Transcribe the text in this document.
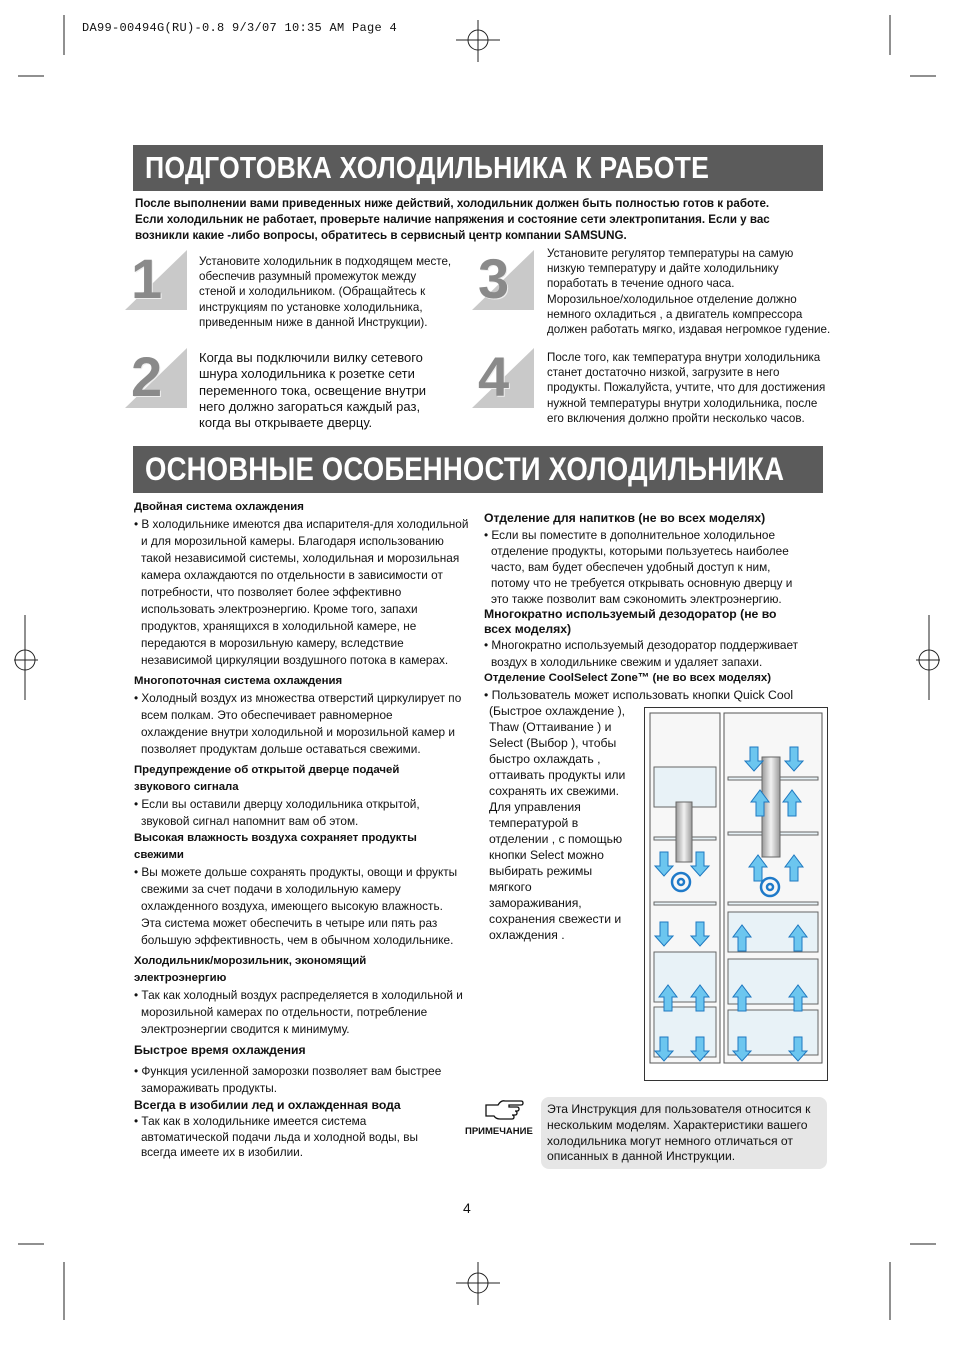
DA99-00494G(RU)-0.8 9/3/07 10:35 AM Page 4
ПОДГОТОВКА ХОЛОДИЛЬНИКА К РАБОТЕ
После выполнении вами приведенных ниже действий, холодильник должен быть полностью готов к работе.
Если холодильник не работает, проверьте наличие напряжения и состояние сети электропитания. Если у вас
возникли какие -либо вопросы, обратитесь в сервисный центр компании SAMSUNG.
1	Установите холодильник в подходящем месте,
обеспечив разумный промежуток между
стеной и холодильником. (Обращайтесь к
инструкциям по установке холодильника,
приведенным ниже в данной Инструкции).
2	Когда вы подключили вилку сетевого
шнура холодильника к розетке сети
переменного тока, освещение внутри
него должно загораться каждый раз,
когда вы открываете дверцу.
3	Установите регулятор температуры на самую
низкую температуру и дайте холодильнику
поработать в течение одного часа.
Морозильное/холодильное отделение должно
немного охладиться , а двигатель компрессора
должен работать мягко, издавая негромкое гудение.
4	После того, как температура внутри холодильника
станет достаточно низкой, загрузите в него
продукты. Пожалуйста, учтите, что для достижения
нужной температуры внутри холодильника, после
его включения должно пройти несколько часов.
ОСНОВНЫЕ ОСОБЕННОСТИ ХОЛОДИЛЬНИКА
Двойная система охлаждения
• В холодильнике имеются два испарителя-для холодильной
и для морозильной камеры. Благодаря использованию
такой независимой системы, холодильная и морозильная
камера охлаждаются по отдельности в зависимости от
потребности, что позволяет более эффективно
использовать электроэнергию. Кроме того, запахи
продуктов, хранящихся в холодильной камере, не
передаются в морозильную камеру, вследствие
независимой циркуляции воздушного потока в камерах.
Многопоточная система охлаждения
• Холодный воздух из множества отверстий циркулирует по
всем полкам. Это обеспечивает равномерное
охлаждение внутри холодильной и морозильной камер и
позволяет продуктам дольше оставаться свежими.
Предупреждение об открытой дверце подачей
звукового сигнала
• Если вы оставили дверцу холодильника открытой,
звуковой сигнал напомнит вам об этом.
Высокая влажность воздуха сохраняет продукты
свежими
• Вы можете дольше сохранять продукты, овощи и фрукты
свежими за счет подачи в холодильную камеру
охлажденного воздуха, имеющего высокую влажность.
Эта система может обеспечить в четыре или пять раз
большую эффективность, чем в обычном холодильнике.
Холодильник/морозильник, экономящий
электроэнергию
• Так как холодный воздух распределяется в холодильной и
морозильной камерах по отдельности, потребление
электроэнергии сводится к минимуму.
Быстрое время охлаждения
• Функция усиленной заморозки позволяет вам быстрее
замораживать продукты.
Всегда в изобилии лед и охлажденная вода
• Так как в холодильнике имеется система
автоматической подачи льда и холодной воды, вы
всегда имеете их в изобилии.
Отделение для напитков (не во всех моделях)
• Если вы поместите в дополнительное холодильное
отделение продукты, которыми пользуетесь наиболее
часто, вам будет обеспечен удобный доступ к ним,
потому что не требуется открывать основную дверцу и
это также позволит вам сэкономить электроэнергию.
Многократно используемый дезодоратор (не во
всех моделях)
• Многократно используемый дезодоратор поддерживает
воздух в холодильнике свежим и удаляет запахи.
Отделение CoolSelect Zone™ (не во всех моделях)
• Пользователь может использовать кнопки Quick Cool
(Быстрое охлаждение ),
Thaw (Оттаивание ) и
Select (Выбор ), чтобы
быстро охлаждать ,
оттаивать продукты или
сохранять их свежими.
Для управления
температурой в
отделении , с помощью
кнопки Select можно
выбирать режимы
мягкого
замораживания,
сохранения свежести и
охлаждения .
ПРИМЕЧАНИЕ
Эта Инструкция для пользователя относится к
нескольким моделям. Характеристики вашего
холодильника могут немного отличаться от
описанных в данной Инструкции.
4
